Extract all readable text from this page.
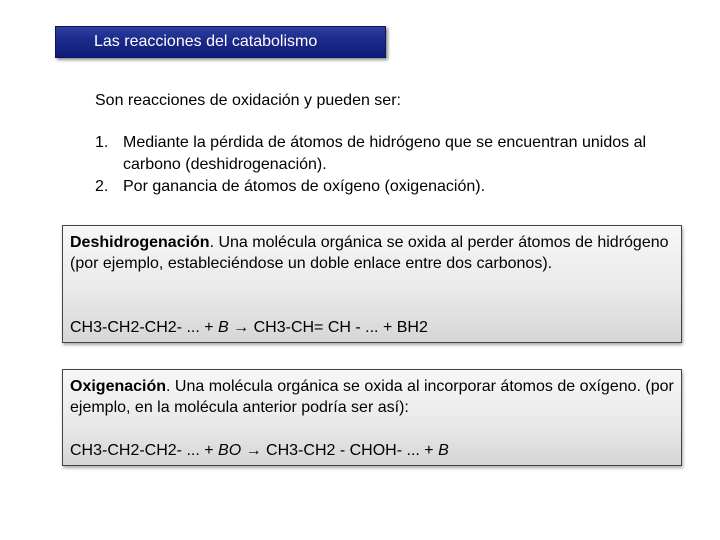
Las reacciones del catabolismo
Son reacciones de oxidación y pueden ser:
1. Mediante la pérdida de átomos de hidrógeno que se encuentran unidos al carbono (deshidrogenación).
2. Por ganancia de átomos de oxígeno (oxigenación).
Deshidrogenación. Una molécula orgánica se oxida al perder átomos de hidrógeno (por ejemplo, estableciéndose un doble enlace entre dos carbonos).
CH3-CH2-CH2- ... + B → CH3-CH= CH - ... + BH2
Oxigenación. Una molécula orgánica se oxida al incorporar átomos de oxígeno. (por ejemplo, en la molécula anterior podría ser así):
CH3-CH2-CH2- ... + BO → CH3-CH2 - CHOH- ... + B
